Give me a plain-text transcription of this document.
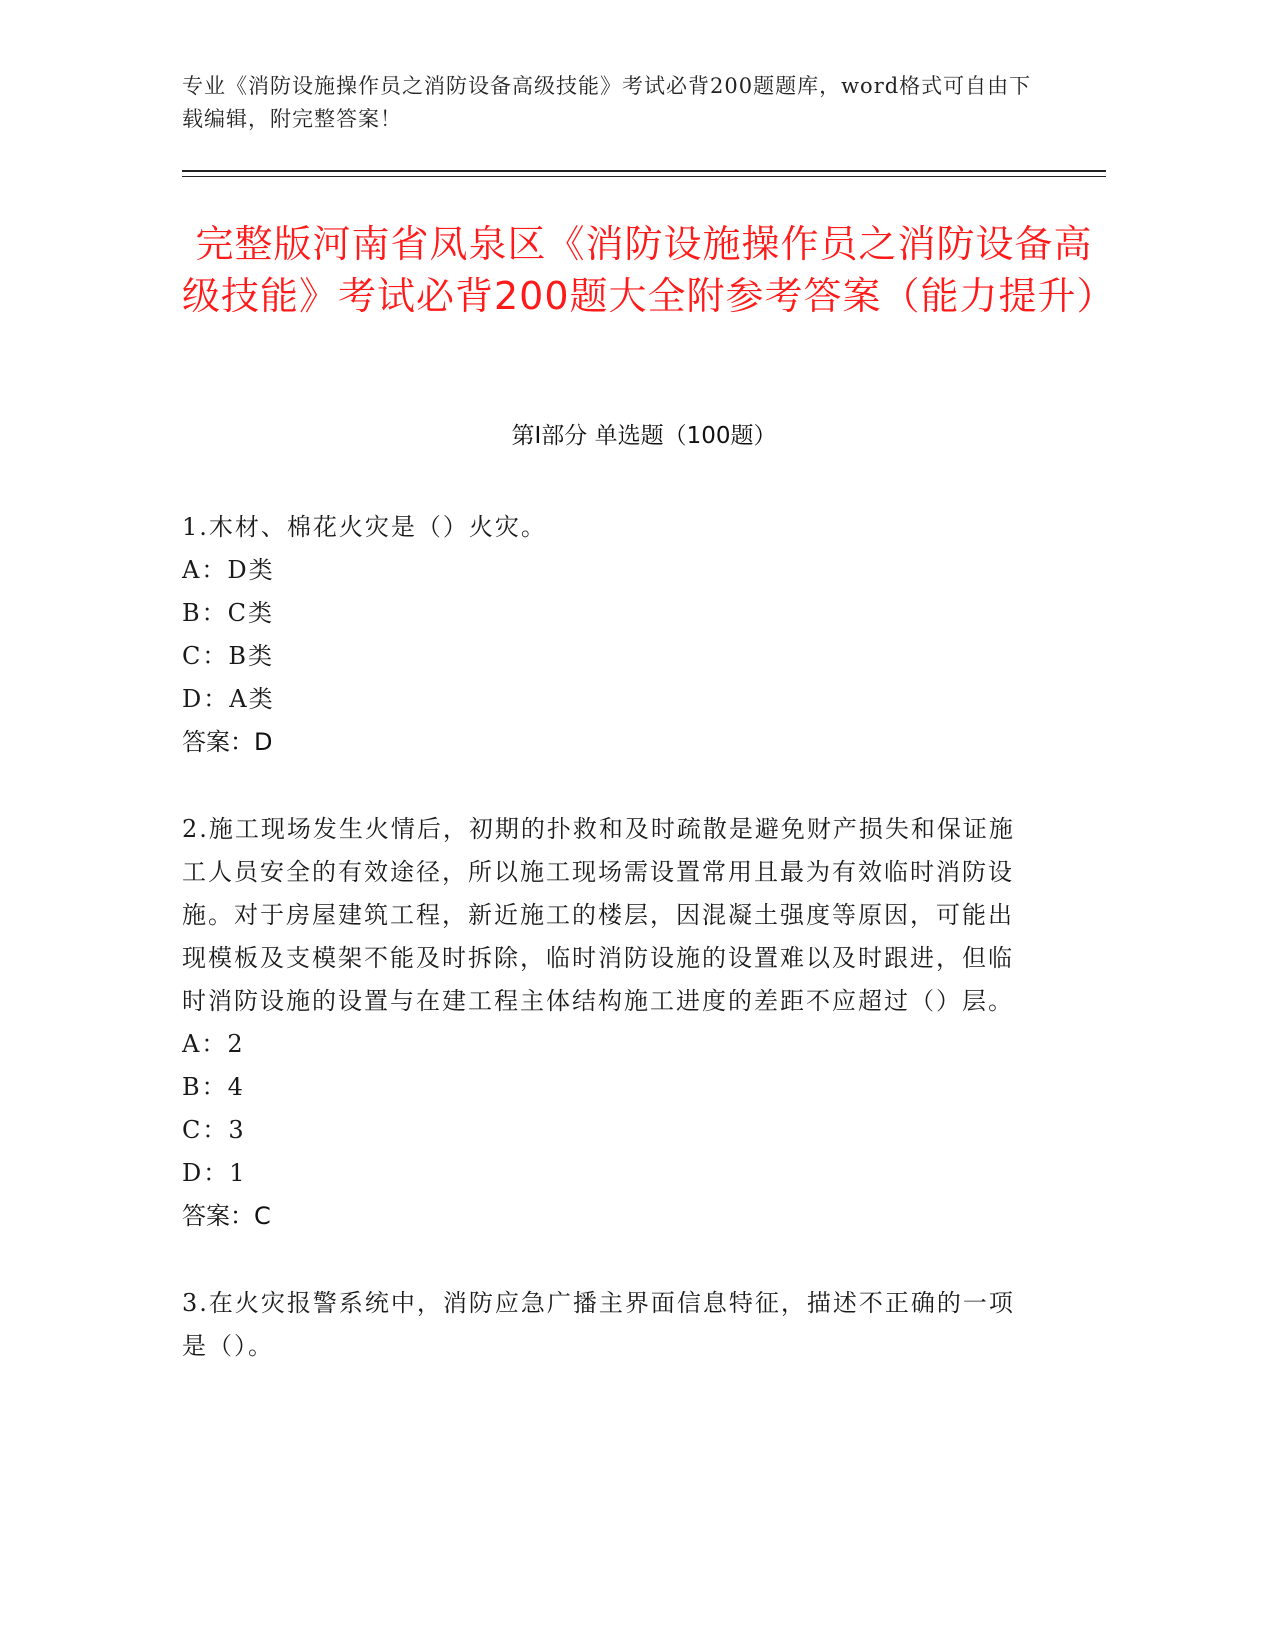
专业《消防设施操作员之消防设备高级技能》考试必背200题题库，word格式可自由下载编辑，附完整答案！
完整版河南省凤泉区《消防设施操作员之消防设备高级技能》考试必背200题大全附参考答案（能力提升）
第I部分 单选题（100题）
1.木材、棉花火灾是（）火灾。
A：D类
B：C类
C：B类
D：A类
答案：D
2.施工现场发生火情后，初期的扑救和及时疏散是避免财产损失和保证施工人员安全的有效途径，所以施工现场需设置常用且最为有效临时消防设施。对于房屋建筑工程，新近施工的楼层，因混凝土强度等原因，可能出现模板及支模架不能及时拆除，临时消防设施的设置难以及时跟进，但临时消防设施的设置与在建工程主体结构施工进度的差距不应超过（）层。
A：2
B：4
C：3
D：1
答案：C
3.在火灾报警系统中，消防应急广播主界面信息特征，描述不正确的一项是（）。
